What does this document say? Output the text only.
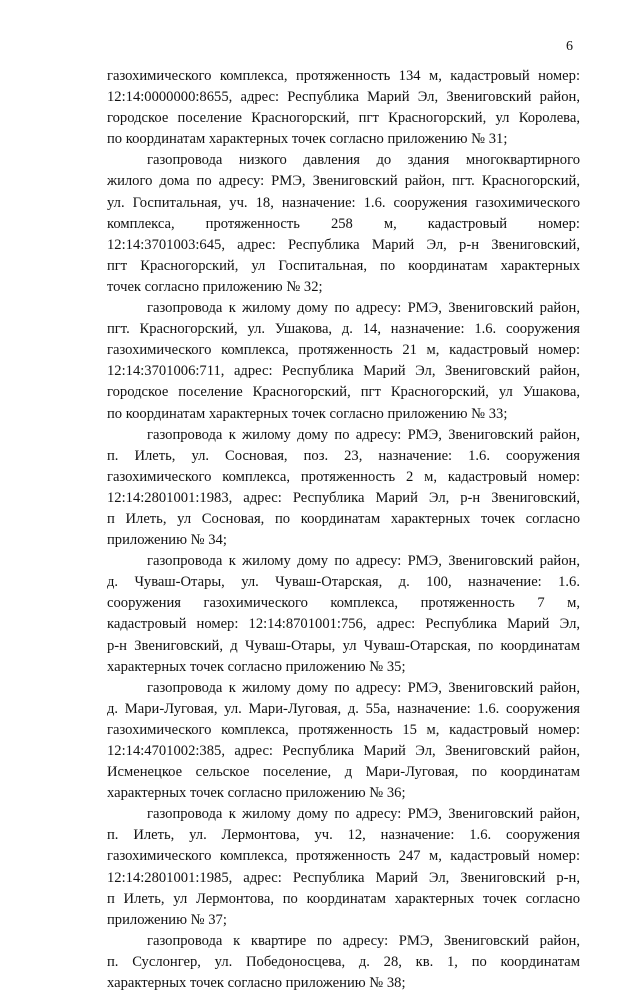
6

газохимического комплекса, протяженность 134 м, кадастровый номер:
12:14:0000000:8655, адрес: Республика Марий Эл, Звениговский район,
городское поселение Красногорский, пгт Красногорский, ул Королева,
по координатам характерных точек согласно приложению № 31;

газопровода низкого давления до здания многоквартирного
жилого дома по адресу: РМЭ, Звениговский район, пгт. Красногорский,
ул. Госпитальная, уч. 18, назначение: 1.6. сооружения газохимического
комплекса, протяженность 258 м, кадастровый номер:
12:14:3701003:645, адрес: Республика Марий Эл, р-н Звениговский,
пгт Красногорский, ул Госпитальная, по координатам характерных
точек согласно приложению № 32;

газопровода к жилому дому по адресу: РМЭ, Звениговский район,
пгт. Красногорский, ул. Ушакова, д. 14, назначение: 1.6. сооружения
газохимического комплекса, протяженность 21 м, кадастровый номер:
12:14:3701006:711, адрес: Республика Марий Эл, Звениговский район,
городское поселение Красногорский, пгт Красногорский, ул Ушакова,
по координатам характерных точек согласно приложению № 33;

газопровода к жилому дому по адресу: РМЭ, Звениговский район,
п. Илеть, ул. Сосновая, поз. 23, назначение: 1.6. сооружения
газохимического комплекса, протяженность 2 м, кадастровый номер:
12:14:2801001:1983, адрес: Республика Марий Эл, р-н Звениговский,
п Илеть, ул Сосновая, по координатам характерных точек согласно
приложению № 34;

газопровода к жилому дому по адресу: РМЭ, Звениговский район,
д. Чуваш-Отары, ул. Чуваш-Отарская, д. 100, назначение: 1.6.
сооружения газохимического комплекса, протяженность 7 м,
кадастровый номер: 12:14:8701001:756, адрес: Республика Марий Эл,
р-н Звениговский, д Чуваш-Отары, ул Чуваш-Отарская, по координатам
характерных точек согласно приложению № 35;

газопровода к жилому дому по адресу: РМЭ, Звениговский район,
д. Мари-Луговая, ул. Мари-Луговая, д. 55а, назначение: 1.6. сооружения
газохимического комплекса, протяженность 15 м, кадастровый номер:
12:14:4701002:385, адрес: Республика Марий Эл, Звениговский район,
Исменецкое сельское поселение, д Мари-Луговая, по координатам
характерных точек согласно приложению № 36;

газопровода к жилому дому по адресу: РМЭ, Звениговский район,
п. Илеть, ул. Лермонтова, уч. 12, назначение: 1.6. сооружения
газохимического комплекса, протяженность 247 м, кадастровый номер:
12:14:2801001:1985, адрес: Республика Марий Эл, Звениговский р-н,
п Илеть, ул Лермонтова, по координатам характерных точек согласно
приложению № 37;

газопровода к квартире по адресу: РМЭ, Звениговский район,
п. Суслонгер, ул. Победоносцева, д. 28, кв. 1, по координатам
характерных точек согласно приложению № 38;
